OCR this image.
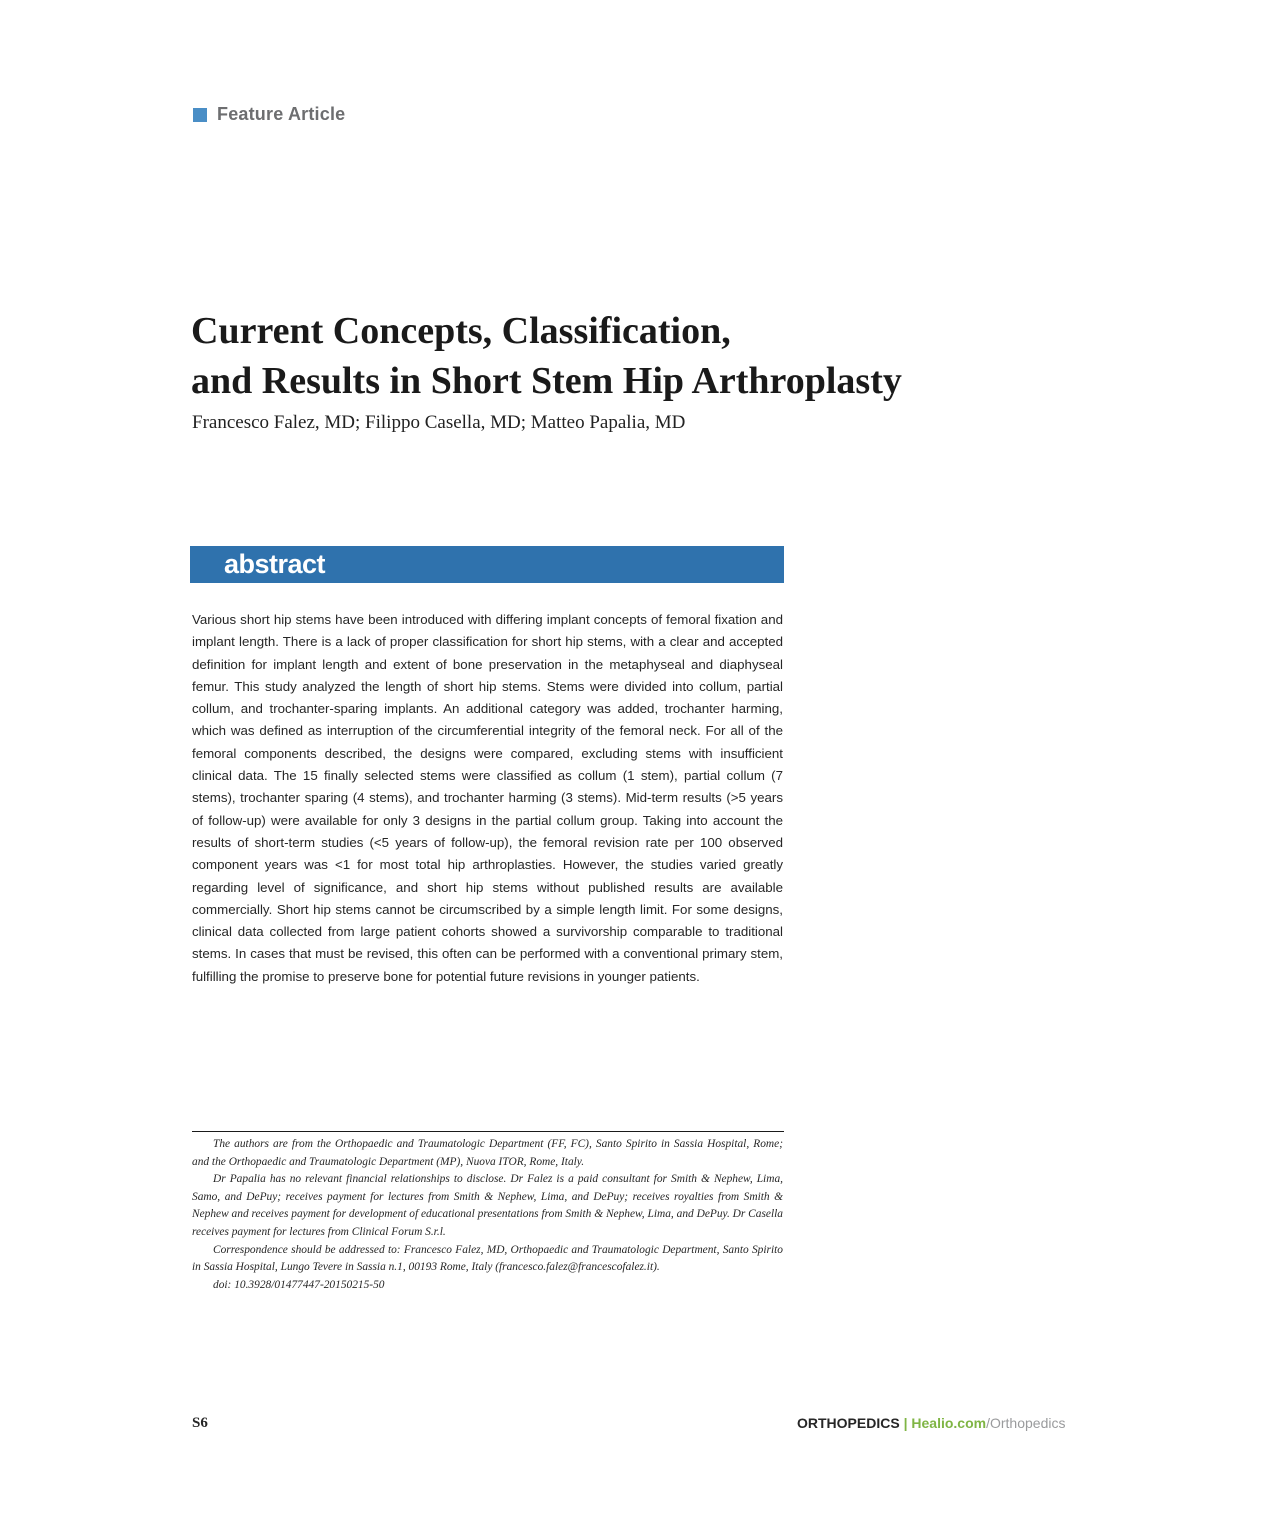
Feature Article
Current Concepts, Classification,
and Results in Short Stem Hip Arthroplasty
Francesco Falez, MD; Filippo Casella, MD; Matteo Papalia, MD
abstract

Various short hip stems have been introduced with differing implant concepts of femoral fixation and implant length. There is a lack of proper classification for short hip stems, with a clear and accepted definition for implant length and extent of bone preservation in the metaphyseal and diaphyseal femur. This study analyzed the length of short hip stems. Stems were divided into collum, partial collum, and trochanter-sparing implants. An additional category was added, trochanter harming, which was defined as interruption of the circumferential integrity of the femoral neck. For all of the femoral components described, the designs were compared, excluding stems with insufficient clinical data. The 15 finally selected stems were classified as collum (1 stem), partial collum (7 stems), trochanter sparing (4 stems), and trochanter harming (3 stems). Mid-term results (>5 years of follow-up) were available for only 3 designs in the partial collum group. Taking into account the results of short-term studies (<5 years of follow-up), the femoral revision rate per 100 observed component years was <1 for most total hip arthroplasties. However, the studies varied greatly regarding level of significance, and short hip stems without published results are available commercially. Short hip stems cannot be circumscribed by a simple length limit. For some designs, clinical data collected from large patient cohorts showed a survivorship comparable to traditional stems. In cases that must be revised, this often can be performed with a conventional primary stem, fulfilling the promise to preserve bone for potential future revisions in younger patients.

The authors are from the Orthopaedic and Traumatologic Department (FF, FC), Santo Spirito in Sassia Hospital, Rome; and the Orthopaedic and Traumatologic Department (MP), Nuova ITOR, Rome, Italy.

Dr Papalia has no relevant financial relationships to disclose. Dr Falez is a paid consultant for Smith & Nephew, Lima, Samo, and DePuy; receives payment for lectures from Smith & Nephew, Lima, and DePuy; receives royalties from Smith & Nephew and receives payment for development of educational presentations from Smith & Nephew, Lima, and DePuy. Dr Casella receives payment for lectures from Clinical Forum S.r.l.

Correspondence should be addressed to: Francesco Falez, MD, Orthopaedic and Traumatologic Department, Santo Spirito in Sassia Hospital, Lungo Tevere in Sassia n.1, 00193 Rome, Italy (francesco.falez@francescofalez.it).

doi: 10.3928/01477447-20150215-50

S6	ORTHOPEDICS | Healio.com/Orthopedics
